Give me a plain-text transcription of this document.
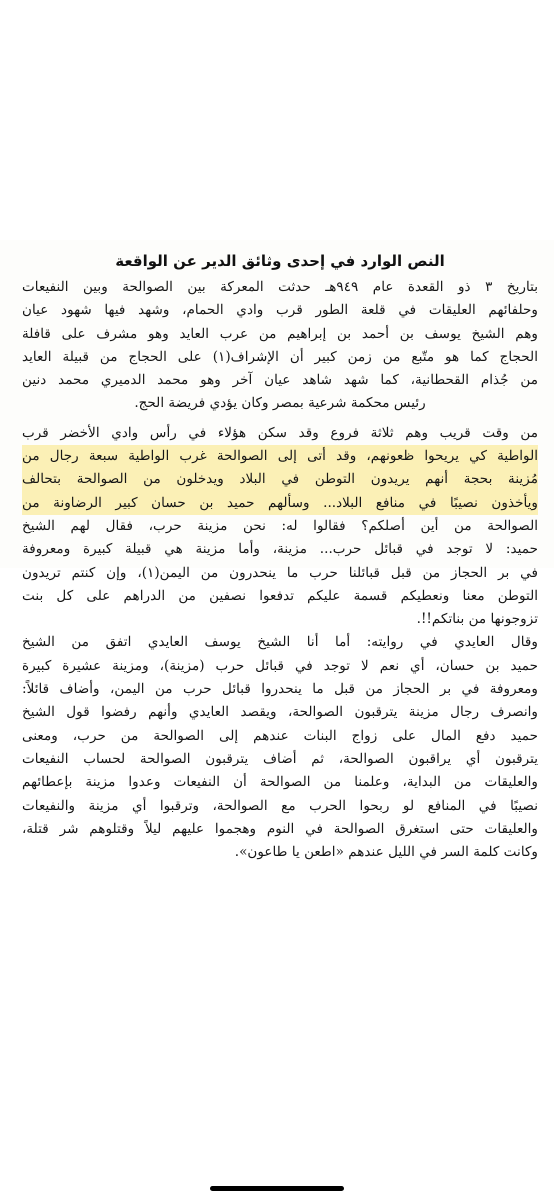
النص الوارد في إحدى وثائق الدير عن الواقعة
بتاريخ ٣ ذو القعدة عام ٩٤٩هـ حدثت المعركة بين الصوالحة وبين النفيعات
وحلفائهم العليقات في قلعة الطور قرب وادي الحمام، وشهد فيها شهود عيان
وهم الشيخ يوسف بن أحمد بن إبراهيم من عرب العايد وهو مشرف على قافلة
الحجاج كما هو متّبع من زمن كبير أن الإشراف(١) على الحجاج من قبيلة العايد
من جُذام القحطانية، كما شهد شاهد عيان آخر وهو محمد الدميري محمد دنين
رئيس محكمة شرعية بمصر وكان يؤدي فريضة الحج.
من وقت قريب وهم ثلاثة فروع وقد سكن هؤلاء في رأس وادي الأخضر قرب
الواطية كي يريحوا ظعونهم، وقد أتى إلى الصوالحة غرب الواطية سبعة رجال من
مُزينة بحجة أنهم يريدون التوطن في البلاد ويدخلون من الصوالحة بتحالف
ويأخذون نصيبًا في منافع البلاد... وسألهم حميد بن حسان كبير الرضاونة من
الصوالحة من أين أصلكم؟ فقالوا له: نحن مزينة حرب، فقال لهم الشيخ
حميد: لا توجد في قبائل حرب... مزينة، وأما مزينة هي قبيلة كبيرة ومعروفة
في بر الحجاز من قبل قبائلنا حرب ما ينحدرون من اليمن(١)، وإن كنتم تريدون
التوطن معنا ونعطيكم قسمة عليكم تدفعوا نصفين من الدراهم على كل بنت
تزوجونها من بناتكم!!.
وقال العايدي في روايته: أما أنا الشيخ يوسف العايدي اتفق من الشيخ
حميد بن حسان، أي نعم لا توجد في قبائل حرب (مزينة)، ومزينة عشيرة كبيرة
ومعروفة في بر الحجاز من قبل ما ينحدروا قبائل حرب من اليمن، وأضاف قائلاً:
وانصرف رجال مزينة يترقبون الصوالحة، ويقصد العايدي وأنهم رفضوا قول الشيخ
حميد دفع المال على زواج البنات عندهم إلى الصوالحة من حرب، ومعنى
يترقبون أي يراقبون الصوالحة، ثم أضاف يترقبون الصوالحة لحساب النفيعات
والعليقات من البداية، وعلمنا من الصوالحة أن النفيعات وعدوا مزينة بإعطائهم
نصيبًا في المنافع لو ربحوا الحرب مع الصوالحة، وترقبوا أي مزينة والنفيعات
والعليقات حتى استغرق الصوالحة في النوم وهجموا عليهم ليلاً وقتلوهم شر قتلة،
وكانت كلمة السر في الليل عندهم «اطعن يا طاعون».
